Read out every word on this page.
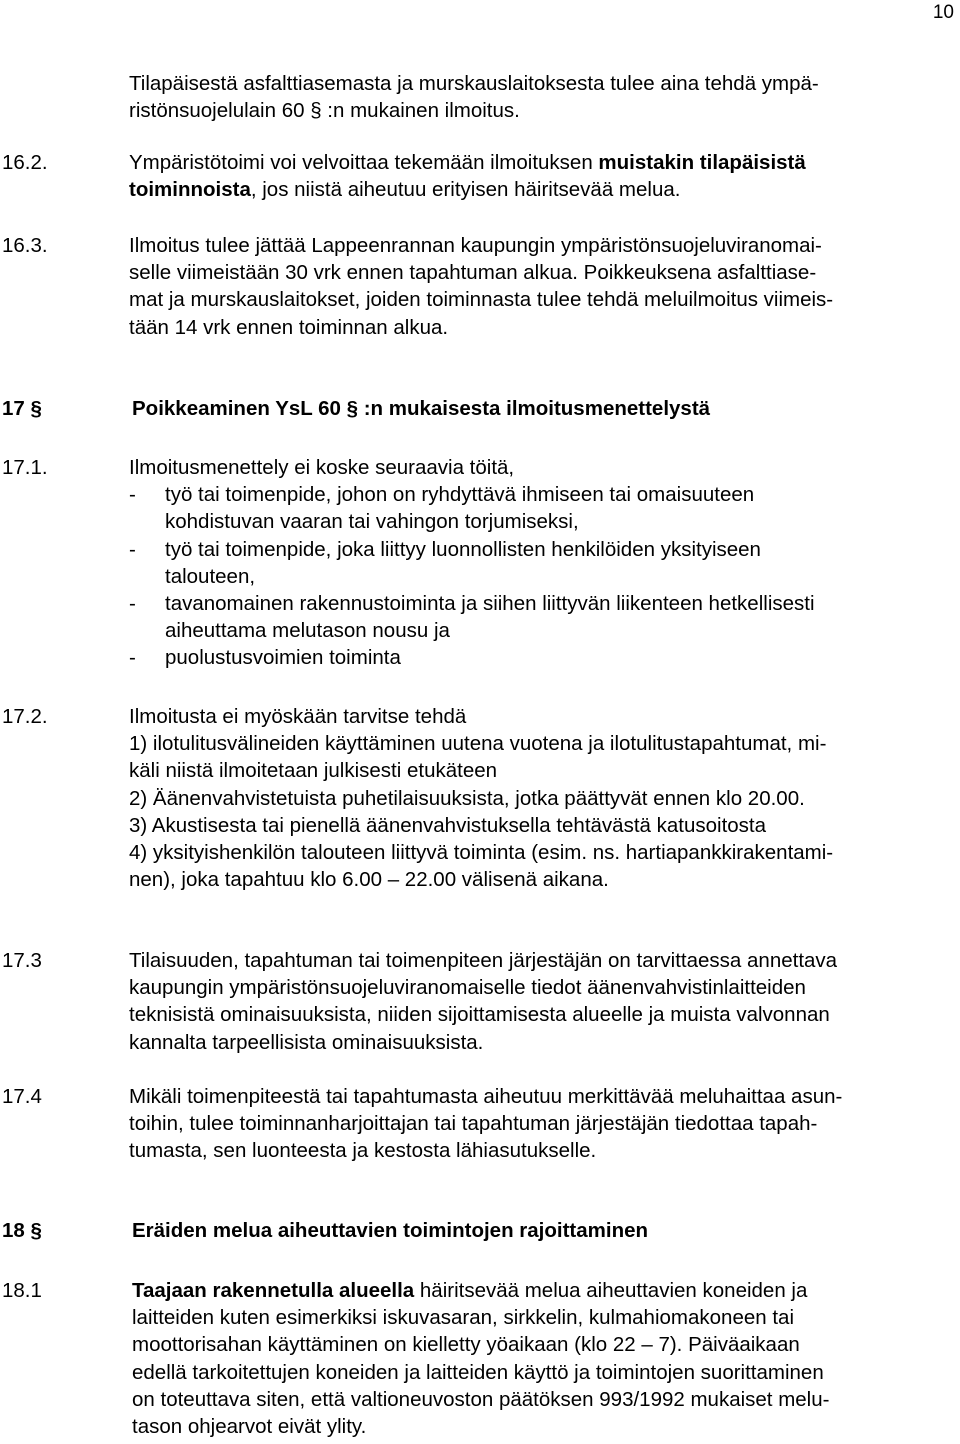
10
Tilapäisestä asfalttiasemasta ja murskauslaitoksesta tulee aina tehdä ympä-
ristönsuojelulain 60 § :n mukainen ilmoitus.
16.2.	Ympäristötoimi voi velvoittaa tekemään ilmoituksen muistakin tilapäisistä
toiminnoista, jos niistä aiheutuu erityisen häiritsevää melua.
16.3.	Ilmoitus tulee jättää Lappeenrannan kaupungin ympäristönsuojeluviranomai-
selle viimeistään 30 vrk ennen tapahtuman alkua. Poikkeuksena asfalttiase-
mat ja murskauslaitokset, joiden toiminnasta tulee tehdä meluilmoitus viimeis-
tään 14 vrk ennen toiminnan alkua.
17 §	Poikkeaminen YsL 60 § :n mukaisesta ilmoitusmenettelystä
17.1.	Ilmoitusmenettely ei koske seuraavia töitä,
- työ tai toimenpide, johon on ryhdyttävä ihmiseen tai omaisuuteen
kohdistuvan vaaran tai vahingon torjumiseksi,
- työ tai toimenpide, joka liittyy luonnollisten henkilöiden yksityiseen
talouteen,
- tavanomainen rakennustoiminta ja siihen liittyvän liikenteen hetkellisesti
aiheuttama melutason nousu ja
- puolustusvoimien toiminta
17.2.	Ilmoitusta ei myöskään tarvitse tehdä
1) ilotulitusvälineiden käyttäminen uutena vuotena ja ilotulitustapahtumat, mi-
käli niistä ilmoitetaan julkisesti etukäteen
2) Äänenvahvistetuista puhetilaisuuksista, jotka päättyvät ennen klo 20.00.
3) Akustisesta tai pienellä äänenvahvistuksella tehtävästä katusoitosta
4) yksityishenkilön talouteen liittyvä toiminta (esim. ns. hartiapankkirakentami-
nen), joka tapahtuu klo 6.00 – 22.00 välisenä aikana.
17.3	Tilaisuuden, tapahtuman tai toimenpiteen järjestäjän on tarvittaessa annettava
kaupungin ympäristönsuojeluviranomaiselle tiedot äänenvahvistinlaitteiden
teknisistä ominaisuuksista, niiden sijoittamisesta alueelle ja muista valvonnan
kannalta tarpeellisista ominaisuuksista.
17.4	Mikäli toimenpiteestä tai tapahtumasta aiheutuu merkittävää meluhaittaa asun-
toihin, tulee toiminnanharjoittajan tai tapahtuman järjestäjän tiedottaa tapah-
tumasta, sen luonteesta ja kestosta lähiasutukselle.
18 §	Eräiden melua aiheuttavien toimintojen rajoittaminen
18.1	Taajaan rakennetulla alueella häiritsevää melua aiheuttavien koneiden ja
laitteiden kuten esimerkiksi iskuvasaran, sirkkelin, kulmahiomakoneen tai
moottorisahan käyttäminen on kielletty yöaikaan (klo 22 – 7). Päiväaikaan
edellä tarkoitettujen koneiden ja laitteiden käyttö ja toimintojen suorittaminen
on toteuttava siten, että valtioneuvoston päätöksen 993/1992 mukaiset melu-
tason ohjearvot eivät ylity.
